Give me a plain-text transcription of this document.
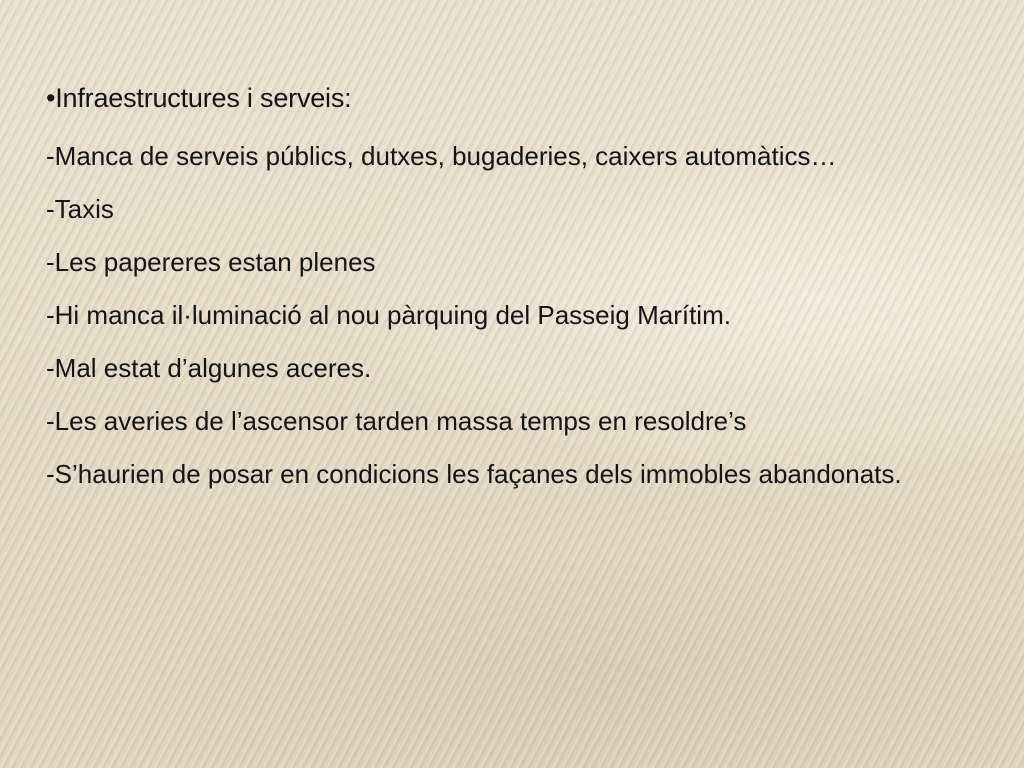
•Infraestructures i serveis:
-Manca de serveis públics, dutxes, bugaderies, caixers automàtics…
-Taxis
-Les papereres estan plenes
-Hi manca il·luminació al nou pàrquing del Passeig Marítim.
-Mal estat d’algunes aceres.
-Les averies de l’ascensor tarden massa temps en resoldre’s
-S’haurien de posar en condicions les façanes dels immobles abandonats.
